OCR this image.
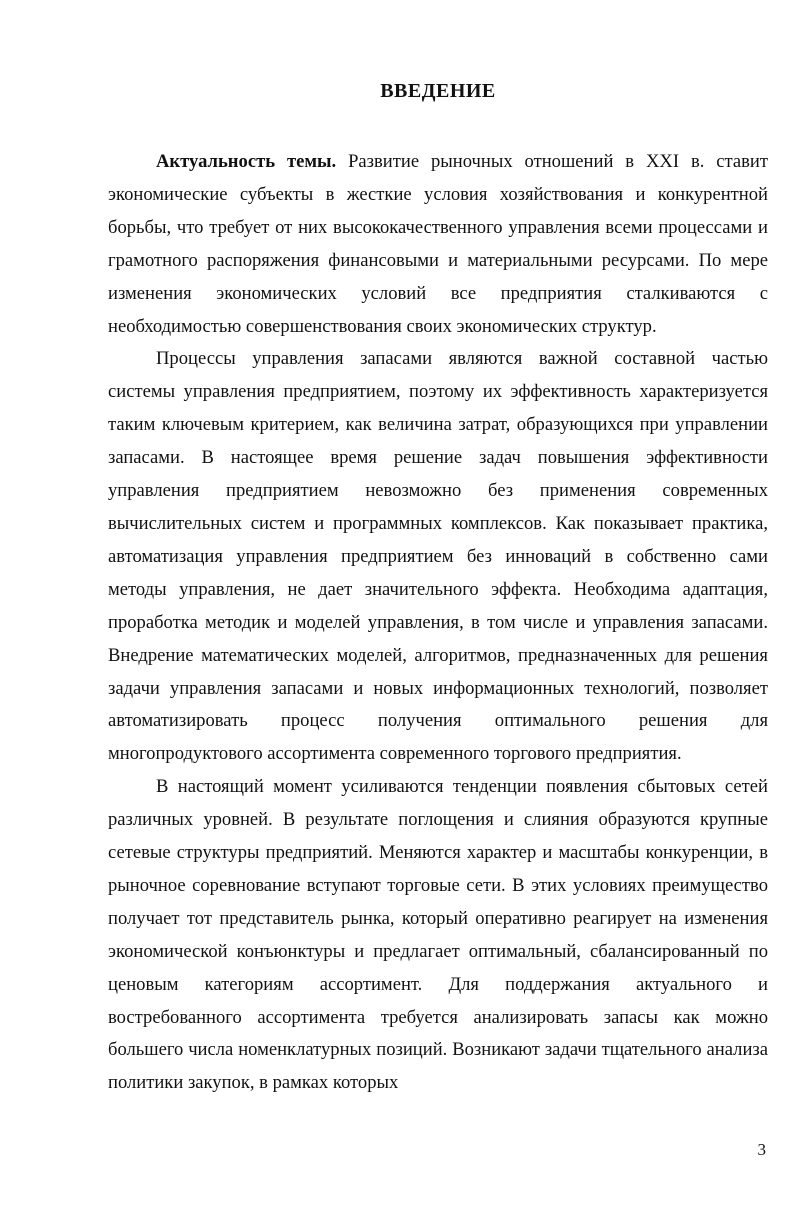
ВВЕДЕНИЕ

Актуальность темы. Развитие рыночных отношений в XXI в. ставит экономические субъекты в жесткие условия хозяйствования и конкурентной борьбы, что требует от них высококачественного управления всеми процессами и грамотного распоряжения финансовыми и материальными ресурсами. По мере изменения экономических условий все предприятия сталкиваются с необходимостью совершенствования своих экономических структур.

Процессы управления запасами являются важной составной частью системы управления предприятием, поэтому их эффективность характеризуется таким ключевым критерием, как величина затрат, образующихся при управлении запасами. В настоящее время решение задач повышения эффективности управления предприятием невозможно без применения современных вычислительных систем и программных комплексов. Как показывает практика, автоматизация управления предприятием без инноваций в собственно сами методы управления, не дает значительного эффекта. Необходима адаптация, проработка методик и моделей управления, в том числе и управления запасами. Внедрение математических моделей, алгоритмов, предназначенных для решения задачи управления запасами и новых информационных технологий, позволяет автоматизировать процесс получения оптимального решения для многопродуктового ассортимента современного торгового предприятия.

В настоящий момент усиливаются тенденции появления сбытовых сетей различных уровней. В результате поглощения и слияния образуются крупные сетевые структуры предприятий. Меняются характер и масштабы конкуренции, в рыночное соревнование вступают торговые сети. В этих условиях преимущество получает тот представитель рынка, который оперативно реагирует на изменения экономической конъюнктуры и предлагает оптимальный, сбалансированный по ценовым категориям ассортимент. Для поддержания актуального и востребованного ассортимента требуется анализировать запасы как можно большего числа номенклатурных позиций. Возникают задачи тщательного анализа политики закупок, в рамках которых

3
